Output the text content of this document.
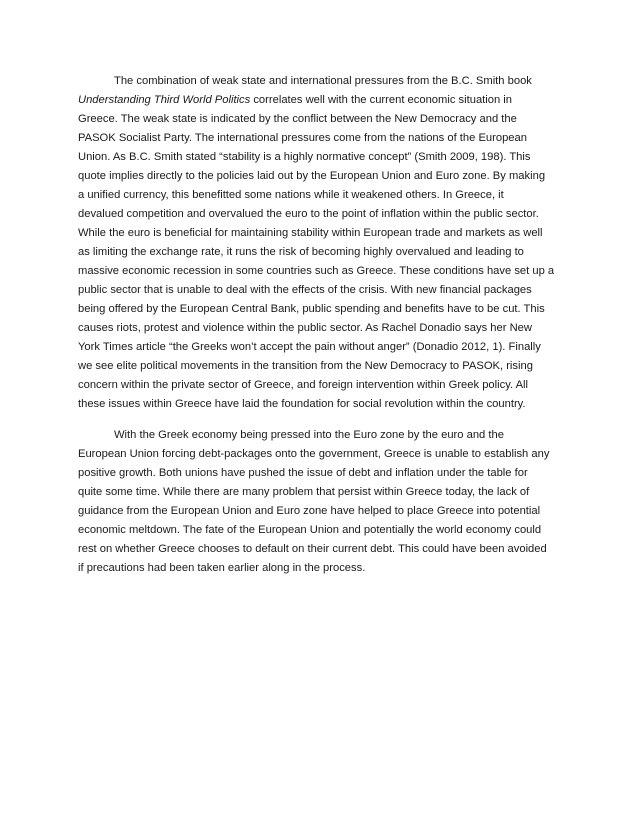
The combination of weak state and international pressures from the B.C. Smith book
Understanding Third World Politics correlates well with the current economic situation in
Greece. The weak state is indicated by the conflict between the New Democracy and the
PASOK Socialist Party. The international pressures come from the nations of the European
Union. As B.C. Smith stated “stability is a highly normative concept” (Smith 2009, 198). This
quote implies directly to the policies laid out by the European Union and Euro zone. By making
a unified currency, this benefitted some nations while it weakened others. In Greece, it
devalued competition and overvalued the euro to the point of inflation within the public sector.
While the euro is beneficial for maintaining stability within European trade and markets as well
as limiting the exchange rate, it runs the risk of becoming highly overvalued and leading to
massive economic recession in some countries such as Greece. These conditions have set up a
public sector that is unable to deal with the effects of the crisis. With new financial packages
being offered by the European Central Bank, public spending and benefits have to be cut. This
causes riots, protest and violence within the public sector. As Rachel Donadio says her New
York Times article “the Greeks won’t accept the pain without anger” (Donadio 2012, 1). Finally
we see elite political movements in the transition from the New Democracy to PASOK, rising
concern within the private sector of Greece, and foreign intervention within Greek policy. All
these issues within Greece have laid the foundation for social revolution within the country.
With the Greek economy being pressed into the Euro zone by the euro and the
European Union forcing debt-packages onto the government, Greece is unable to establish any
positive growth. Both unions have pushed the issue of debt and inflation under the table for
quite some time. While there are many problem that persist within Greece today, the lack of
guidance from the European Union and Euro zone have helped to place Greece into potential
economic meltdown. The fate of the European Union and potentially the world economy could
rest on whether Greece chooses to default on their current debt. This could have been avoided
if precautions had been taken earlier along in the process.
